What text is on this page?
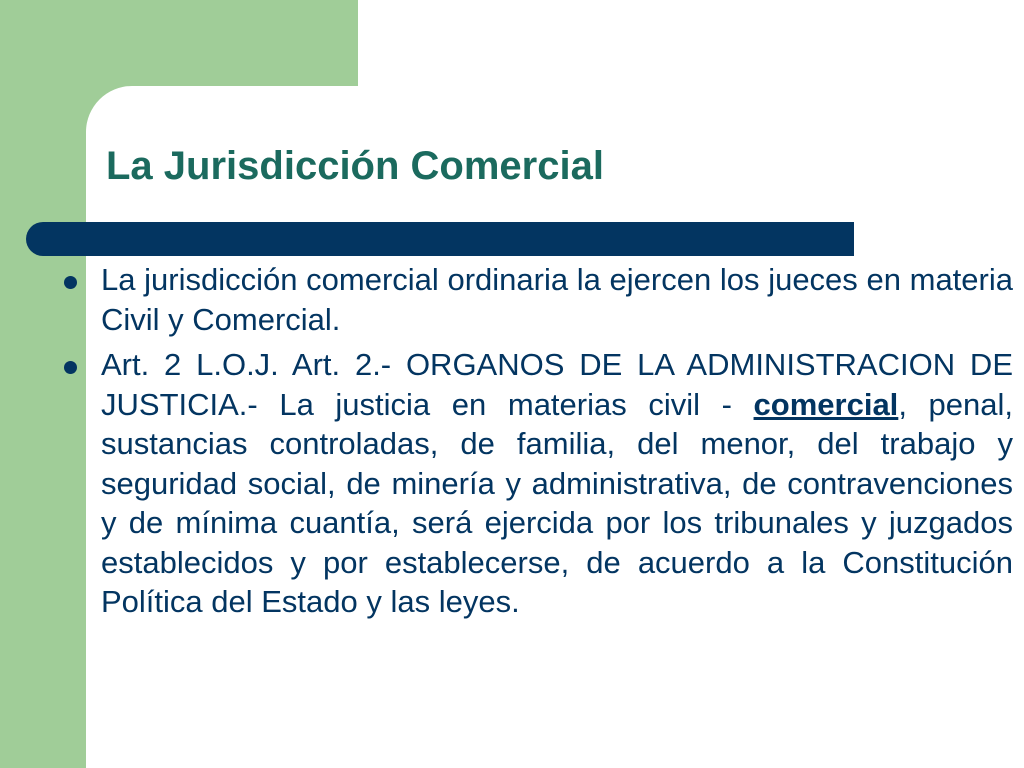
La Jurisdicción Comercial
La jurisdicción comercial ordinaria la ejercen los jueces en materia Civil y Comercial.
Art. 2 L.O.J. Art. 2.- ORGANOS DE LA ADMINISTRACION DE JUSTICIA.- La justicia en materias civil - comercial, penal, sustancias controladas, de familia, del menor, del trabajo y seguridad social, de minería y administrativa, de contravenciones y de mínima cuantía, será ejercida por los tribunales y juzgados establecidos y por establecerse, de acuerdo a la Constitución Política del Estado y las leyes.
